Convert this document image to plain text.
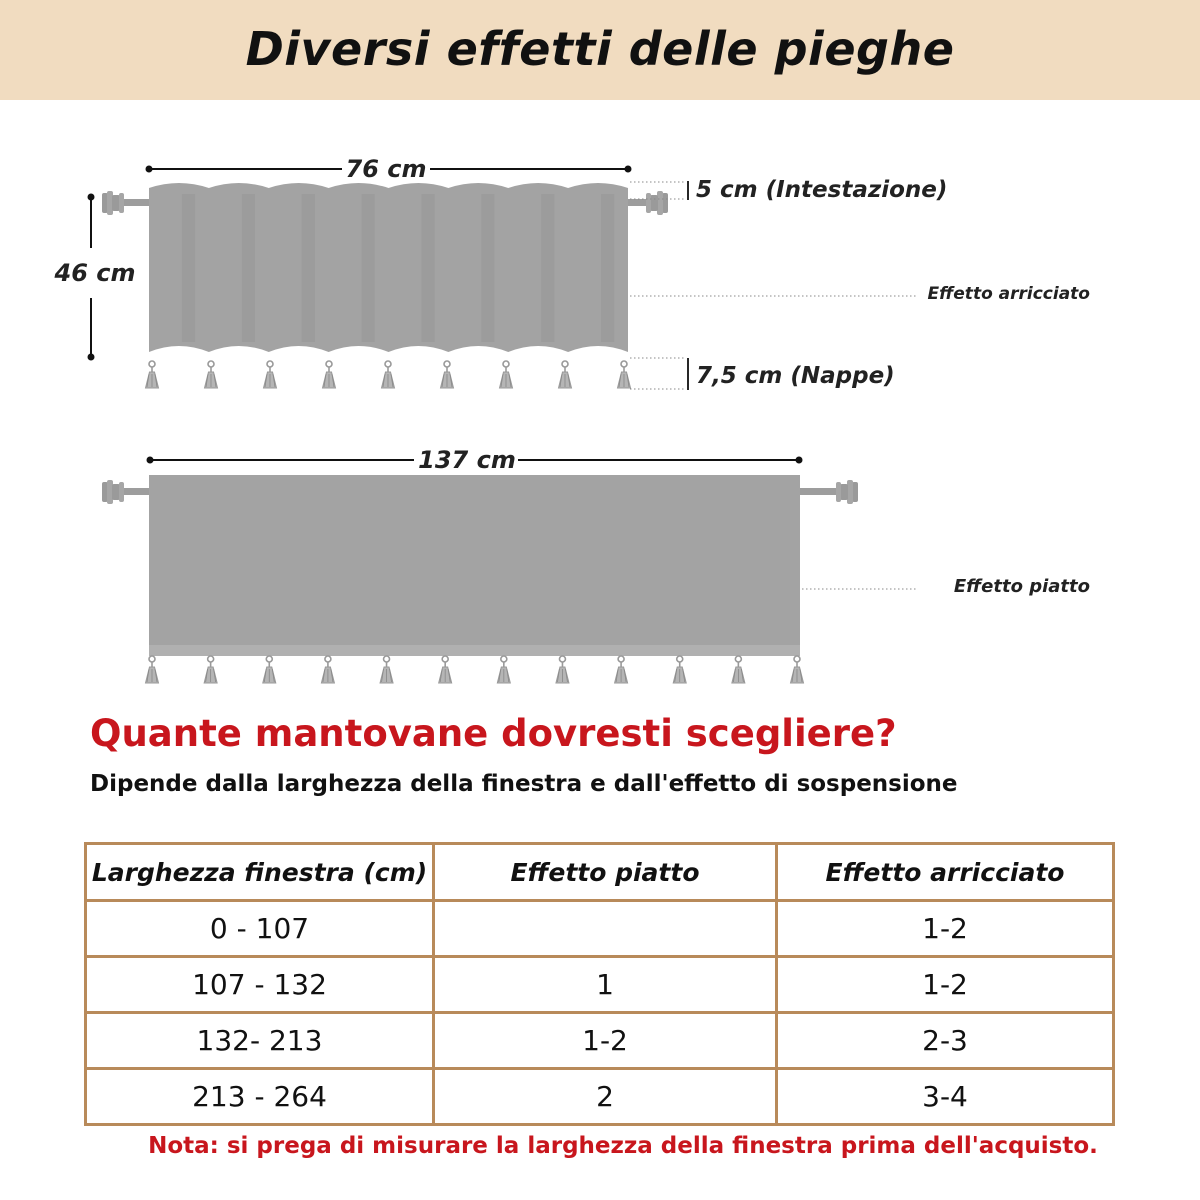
Diversi effetti delle pieghe
76 cm
46 cm
5 cm (Intestazione)
7,5 cm (Nappe)
Effetto arricciato
137 cm
Effetto piatto
Quante mantovane dovresti scegliere?

Dipende dalla larghezza della finestra e dall'effetto di sospensione

Larghezza finestra (cm)	Effetto piatto	Effetto arricciato
0 - 107		1-2
107 - 132	1	1-2
132- 213	1-2	2-3
213 - 264	2	3-4

Nota: si prega di misurare la larghezza della finestra prima dell'acquisto.
